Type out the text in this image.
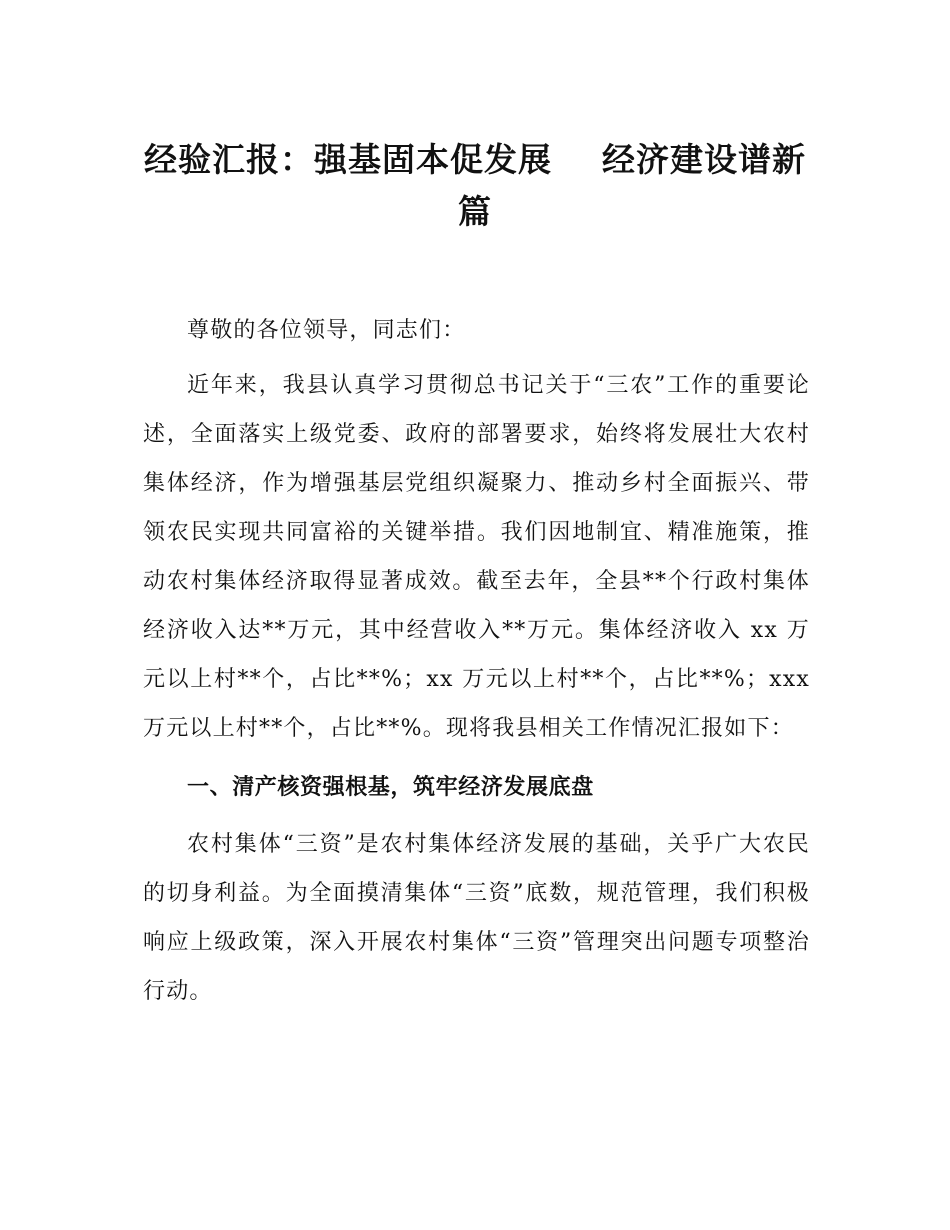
经验汇报：强基固本促发展 经济建设谱新篇

尊敬的各位领导，同志们：

近年来，我县认真学习贯彻总书记关于“三农”工作的重要论述，全面落实上级党委、政府的部署要求，始终将发展壮大农村集体经济，作为增强基层党组织凝聚力、推动乡村全面振兴、带领农民实现共同富裕的关键举措。我们因地制宜、精准施策，推动农村集体经济取得显著成效。截至去年，全县**个行政村集体经济收入达**万元，其中经营收入**万元。集体经济收入 xx 万元以上村**个，占比**%；xx 万元以上村**个，占比**%；xxx 万元以上村**个，占比**%。现将我县相关工作情况汇报如下：

一、清产核资强根基，筑牢经济发展底盘

农村集体“三资”是农村集体经济发展的基础，关乎广大农民的切身利益。为全面摸清集体“三资”底数，规范管理，我们积极响应上级政策，深入开展农村集体“三资”管理突出问题专项整治行动。
